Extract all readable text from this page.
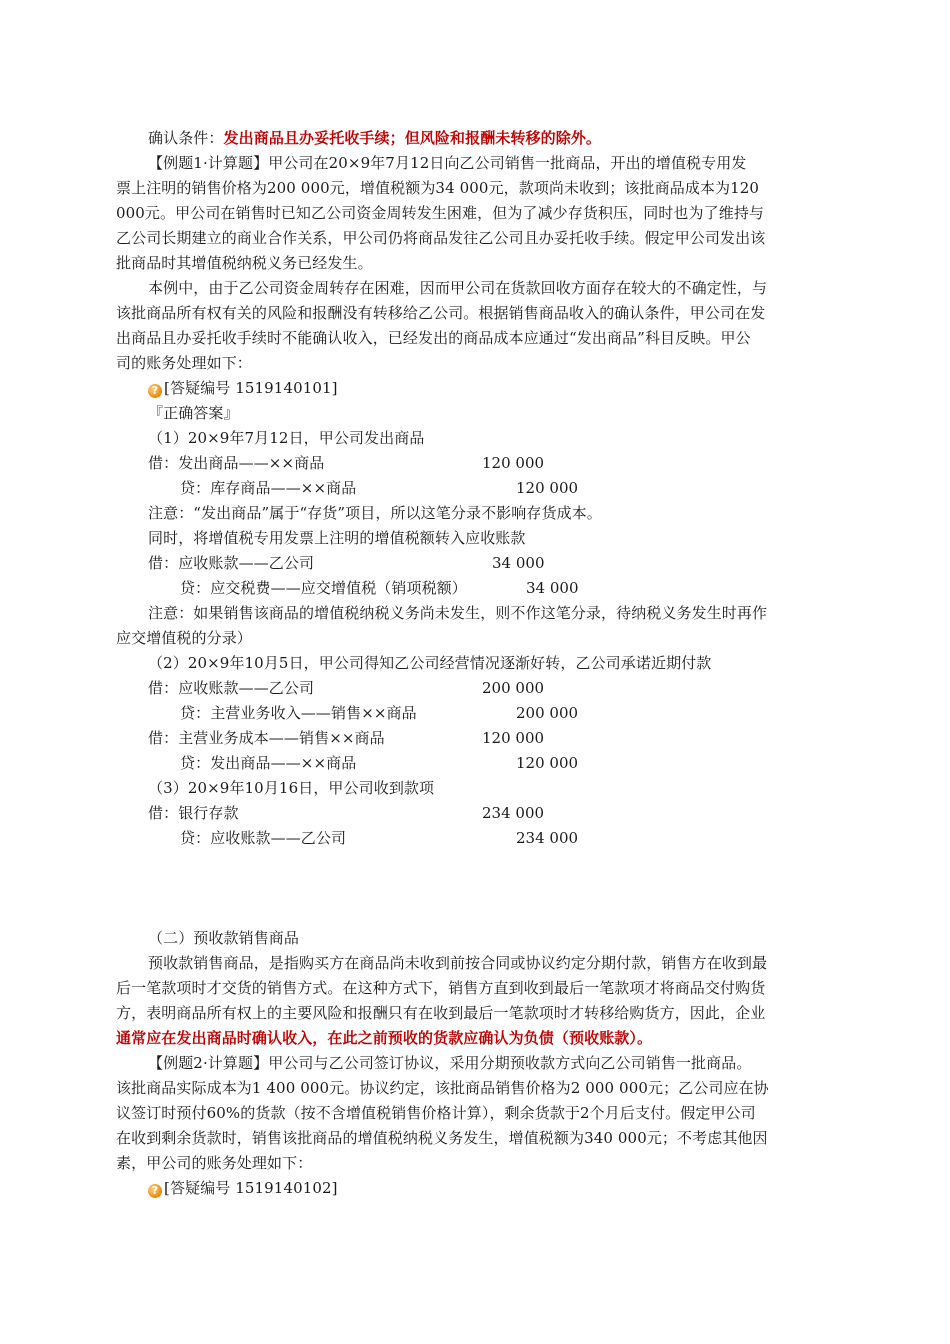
确认条件：发出商品且办妥托收手续；但风险和报酬未转移的除外。
【例题1·计算题】甲公司在20×9年7月12日向乙公司销售一批商品，开出的增值税专用发
票上注明的销售价格为200 000元，增值税额为34 000元，款项尚未收到；该批商品成本为120
000元。甲公司在销售时已知乙公司资金周转发生困难，但为了减少存货积压，同时也为了维持与
乙公司长期建立的商业合作关系，甲公司仍将商品发往乙公司且办妥托收手续。假定甲公司发出该
批商品时其增值税纳税义务已经发生。
本例中，由于乙公司资金周转存在困难，因而甲公司在货款回收方面存在较大的不确定性，与
该批商品所有权有关的风险和报酬没有转移给乙公司。根据销售商品收入的确认条件，甲公司在发
出商品且办妥托收手续时不能确认收入，已经发出的商品成本应通过“发出商品”科目反映。甲公
司的账务处理如下：
? [答疑编号 1519140101]
『正确答案』
（1）20×9年7月12日，甲公司发出商品
借：发出商品——××商品	120 000
贷：库存商品——××商品	120 000
注意：“发出商品”属于“存货”项目，所以这笔分录不影响存货成本。
同时，将增值税专用发票上注明的增值税额转入应收账款
借：应收账款——乙公司	34 000
贷：应交税费——应交增值税（销项税额）	34 000
注意：如果销售该商品的增值税纳税义务尚未发生，则不作这笔分录，待纳税义务发生时再作
应交增值税的分录）
（2）20×9年10月5日，甲公司得知乙公司经营情况逐渐好转，乙公司承诺近期付款
借：应收账款——乙公司	200 000
贷：主营业务收入——销售××商品	200 000
借：主营业务成本——销售××商品	120 000
贷：发出商品——××商品	120 000
（3）20×9年10月16日，甲公司收到款项
借：银行存款	234 000
贷：应收账款——乙公司	234 000
（二）预收款销售商品
预收款销售商品，是指购买方在商品尚未收到前按合同或协议约定分期付款，销售方在收到最
后一笔款项时才交货的销售方式。在这种方式下，销售方直到收到最后一笔款项才将商品交付购货
方，表明商品所有权上的主要风险和报酬只有在收到最后一笔款项时才转移给购货方，因此，企业
通常应在发出商品时确认收入，在此之前预收的货款应确认为负债（预收账款）。
【例题2·计算题】甲公司与乙公司签订协议，采用分期预收款方式向乙公司销售一批商品。
该批商品实际成本为1 400 000元。协议约定，该批商品销售价格为2 000 000元；乙公司应在协
议签订时预付60%的货款（按不含增值税销售价格计算），剩余货款于2个月后支付。假定甲公司
在收到剩余货款时，销售该批商品的增值税纳税义务发生，增值税额为340 000元；不考虑其他因
素，甲公司的账务处理如下：
? [答疑编号 1519140102]
